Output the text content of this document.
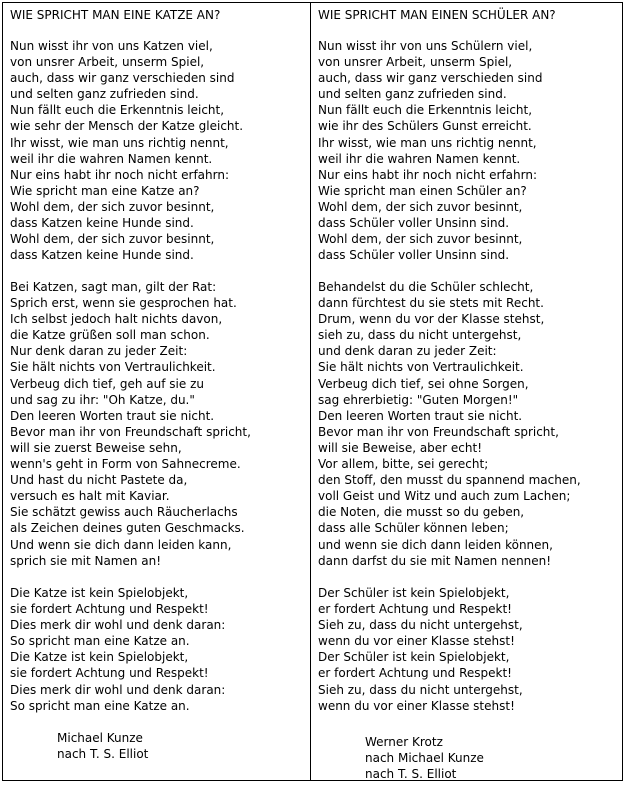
WIE SPRICHT MAN EINE KATZE AN?
Nun wisst ihr von uns Katzen viel,
von unsrer Arbeit, unserm Spiel,
auch, dass wir ganz verschieden sind
und selten ganz zufrieden sind.
Nun fällt euch die Erkenntnis leicht,
wie sehr der Mensch der Katze gleicht.
Ihr wisst, wie man uns richtig nennt,
weil ihr die wahren Namen kennt.
Nur eins habt ihr noch nicht erfahrn:
Wie spricht man eine Katze an?
Wohl dem, der sich zuvor besinnt,
dass Katzen keine Hunde sind.
Wohl dem, der sich zuvor besinnt,
dass Katzen keine Hunde sind.
Bei Katzen, sagt man, gilt der Rat:
Sprich erst, wenn sie gesprochen hat.
Ich selbst jedoch halt nichts davon,
die Katze grüßen soll man schon.
Nur denk daran zu jeder Zeit:
Sie hält nichts von Vertraulichkeit.
Verbeug dich tief, geh auf sie zu
und sag zu ihr: "Oh Katze, du."
Den leeren Worten traut sie nicht.
Bevor man ihr von Freundschaft spricht,
will sie zuerst Beweise sehn,
wenn's geht in Form von Sahnecreme.
Und hast du nicht Pastete da,
versuch es halt mit Kaviar.
Sie schätzt gewiss auch Räucherlachs
als Zeichen deines guten Geschmacks.
Und wenn sie dich dann leiden kann,
sprich sie mit Namen an!
Die Katze ist kein Spielobjekt,
sie fordert Achtung und Respekt!
Dies merk dir wohl und denk daran:
So spricht man eine Katze an.
Die Katze ist kein Spielobjekt,
sie fordert Achtung und Respekt!
Dies merk dir wohl und denk daran:
So spricht man eine Katze an.
Michael Kunze
nach T. S. Elliot
WIE SPRICHT MAN EINEN SCHÜLER AN?
Nun wisst ihr von uns Schülern viel,
von unsrer Arbeit, unserm Spiel,
auch, dass wir ganz verschieden sind
und selten ganz zufrieden sind.
Nun fällt euch die Erkenntnis leicht,
wie ihr des Schülers Gunst erreicht.
Ihr wisst, wie man uns richtig nennt,
weil ihr die wahren Namen kennt.
Nur eins habt ihr noch nicht erfahrn:
Wie spricht man einen Schüler an?
Wohl dem, der sich zuvor besinnt,
dass Schüler voller Unsinn sind.
Wohl dem, der sich zuvor besinnt,
dass Schüler voller Unsinn sind.
Behandelst du die Schüler schlecht,
dann fürchtest du sie stets mit Recht.
Drum, wenn du vor der Klasse stehst,
sieh zu, dass du nicht untergehst,
und denk daran zu jeder Zeit:
Sie hält nichts von Vertraulichkeit.
Verbeug dich tief, sei ohne Sorgen,
sag ehrerbietig: "Guten Morgen!"
Den leeren Worten traut sie nicht.
Bevor man ihr von Freundschaft spricht,
will sie Beweise, aber echt!
Vor allem, bitte, sei gerecht;
den Stoff, den musst du spannend machen,
voll Geist und Witz und auch zum Lachen;
die Noten, die musst so du geben,
dass alle Schüler können leben;
und wenn sie dich dann leiden können,
dann darfst du sie mit Namen nennen!
Der Schüler ist kein Spielobjekt,
er fordert Achtung und Respekt!
Sieh zu, dass du nicht untergehst,
wenn du vor einer Klasse stehst!
Der Schüler ist kein Spielobjekt,
er fordert Achtung und Respekt!
Sieh zu, dass du nicht untergehst,
wenn du vor einer Klasse stehst!
Werner Krotz
nach Michael Kunze
nach T. S. Elliot
